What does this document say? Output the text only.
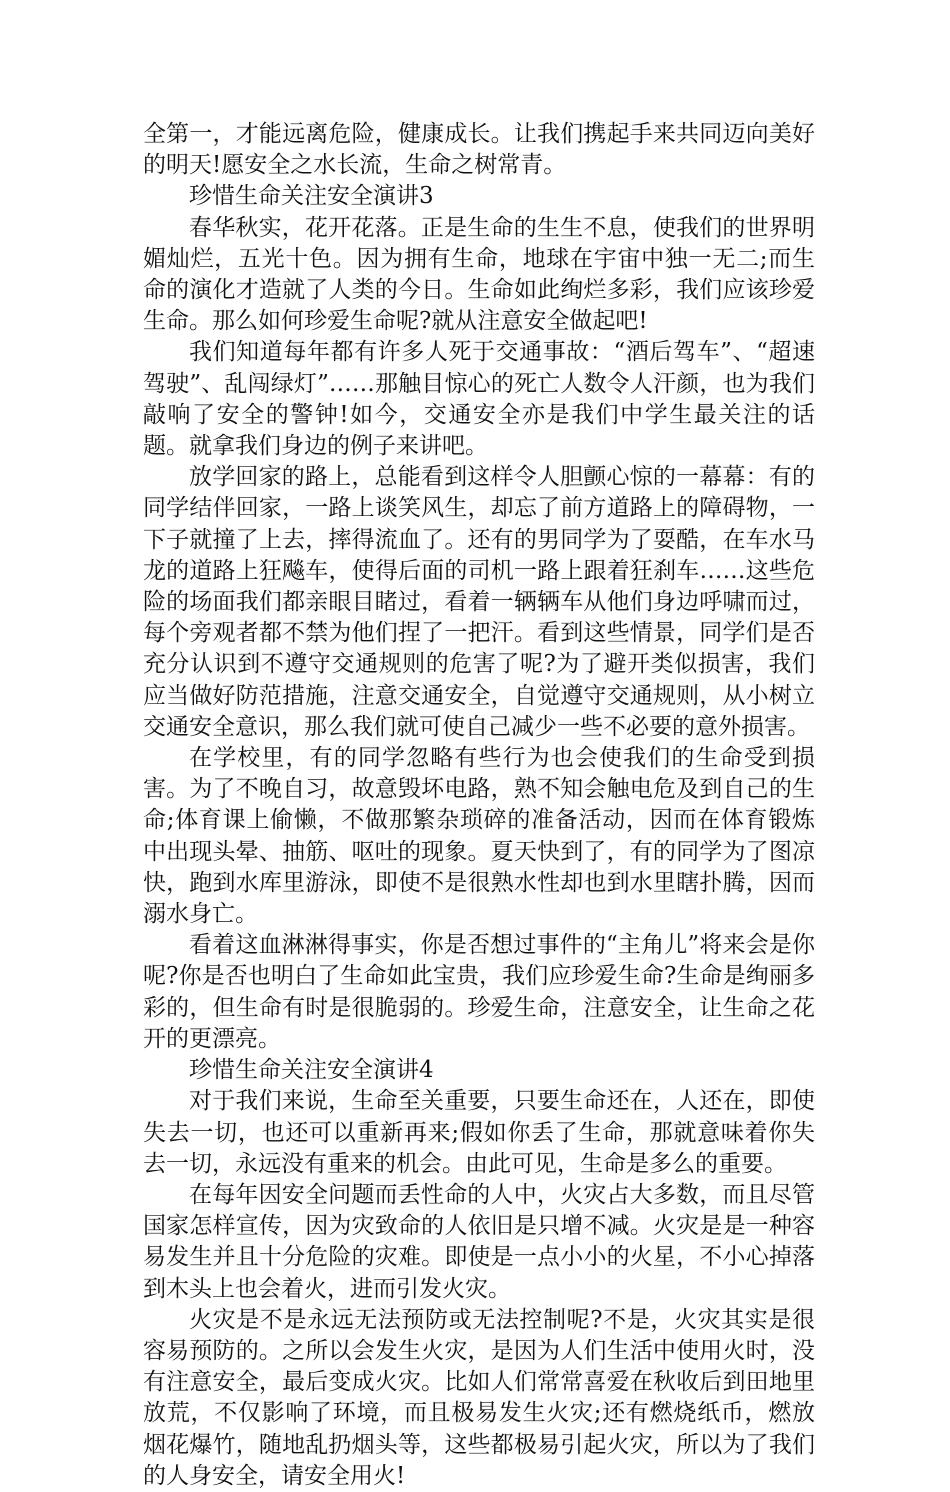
全第一，才能远离危险，健康成长。让我们携起手来共同迈向美好的明天!愿安全之水长流，生命之树常青。

珍惜生命关注安全演讲3

春华秋实，花开花落。正是生命的生生不息，使我们的世界明媚灿烂，五光十色。因为拥有生命，地球在宇宙中独一无二;而生命的演化才造就了人类的今日。生命如此绚烂多彩，我们应该珍爱生命。那么如何珍爱生命呢?就从注意安全做起吧!

我们知道每年都有许多人死于交通事故：“酒后驾车”、“超速驾驶”、乱闯绿灯”……那触目惊心的死亡人数令人汗颜，也为我们敲响了安全的警钟!如今，交通安全亦是我们中学生最关注的话题。就拿我们身边的例子来讲吧。

放学回家的路上，总能看到这样令人胆颤心惊的一幕幕：有的同学结伴回家，一路上谈笑风生，却忘了前方道路上的障碍物，一下子就撞了上去，摔得流血了。还有的男同学为了耍酷，在车水马龙的道路上狂飚车，使得后面的司机一路上跟着狂刹车……这些危险的场面我们都亲眼目睹过，看着一辆辆车从他们身边呼啸而过，每个旁观者都不禁为他们捏了一把汗。看到这些情景，同学们是否充分认识到不遵守交通规则的危害了呢?为了避开类似损害，我们应当做好防范措施，注意交通安全，自觉遵守交通规则，从小树立交通安全意识，那么我们就可使自己减少一些不必要的意外损害。

在学校里，有的同学忽略有些行为也会使我们的生命受到损害。为了不晚自习，故意毁坏电路，熟不知会触电危及到自己的生命;体育课上偷懒，不做那繁杂琐碎的准备活动，因而在体育锻炼中出现头晕、抽筋、呕吐的现象。夏天快到了，有的同学为了图凉快，跑到水库里游泳，即使不是很熟水性却也到水里瞎扑腾，因而溺水身亡。

看着这血淋淋得事实，你是否想过事件的“主角儿”将来会是你呢?你是否也明白了生命如此宝贵，我们应珍爱生命?生命是绚丽多彩的，但生命有时是很脆弱的。珍爱生命，注意安全，让生命之花开的更漂亮。

珍惜生命关注安全演讲4

对于我们来说，生命至关重要，只要生命还在，人还在，即使失去一切，也还可以重新再来;假如你丢了生命，那就意味着你失去一切，永远没有重来的机会。由此可见，生命是多么的重要。

在每年因安全问题而丢性命的人中，火灾占大多数，而且尽管国家怎样宣传，因为灾致命的人依旧是只增不减。火灾是是一种容易发生并且十分危险的灾难。即使是一点小小的火星，不小心掉落到木头上也会着火，进而引发火灾。

火灾是不是永远无法预防或无法控制呢?不是，火灾其实是很容易预防的。之所以会发生火灾，是因为人们生活中使用火时，没有注意安全，最后变成火灾。比如人们常常喜爱在秋收后到田地里放荒，不仅影响了环境，而且极易发生火灾;还有燃烧纸币，燃放烟花爆竹，随地乱扔烟头等，这些都极易引起火灾，所以为了我们的人身安全，请安全用火!
